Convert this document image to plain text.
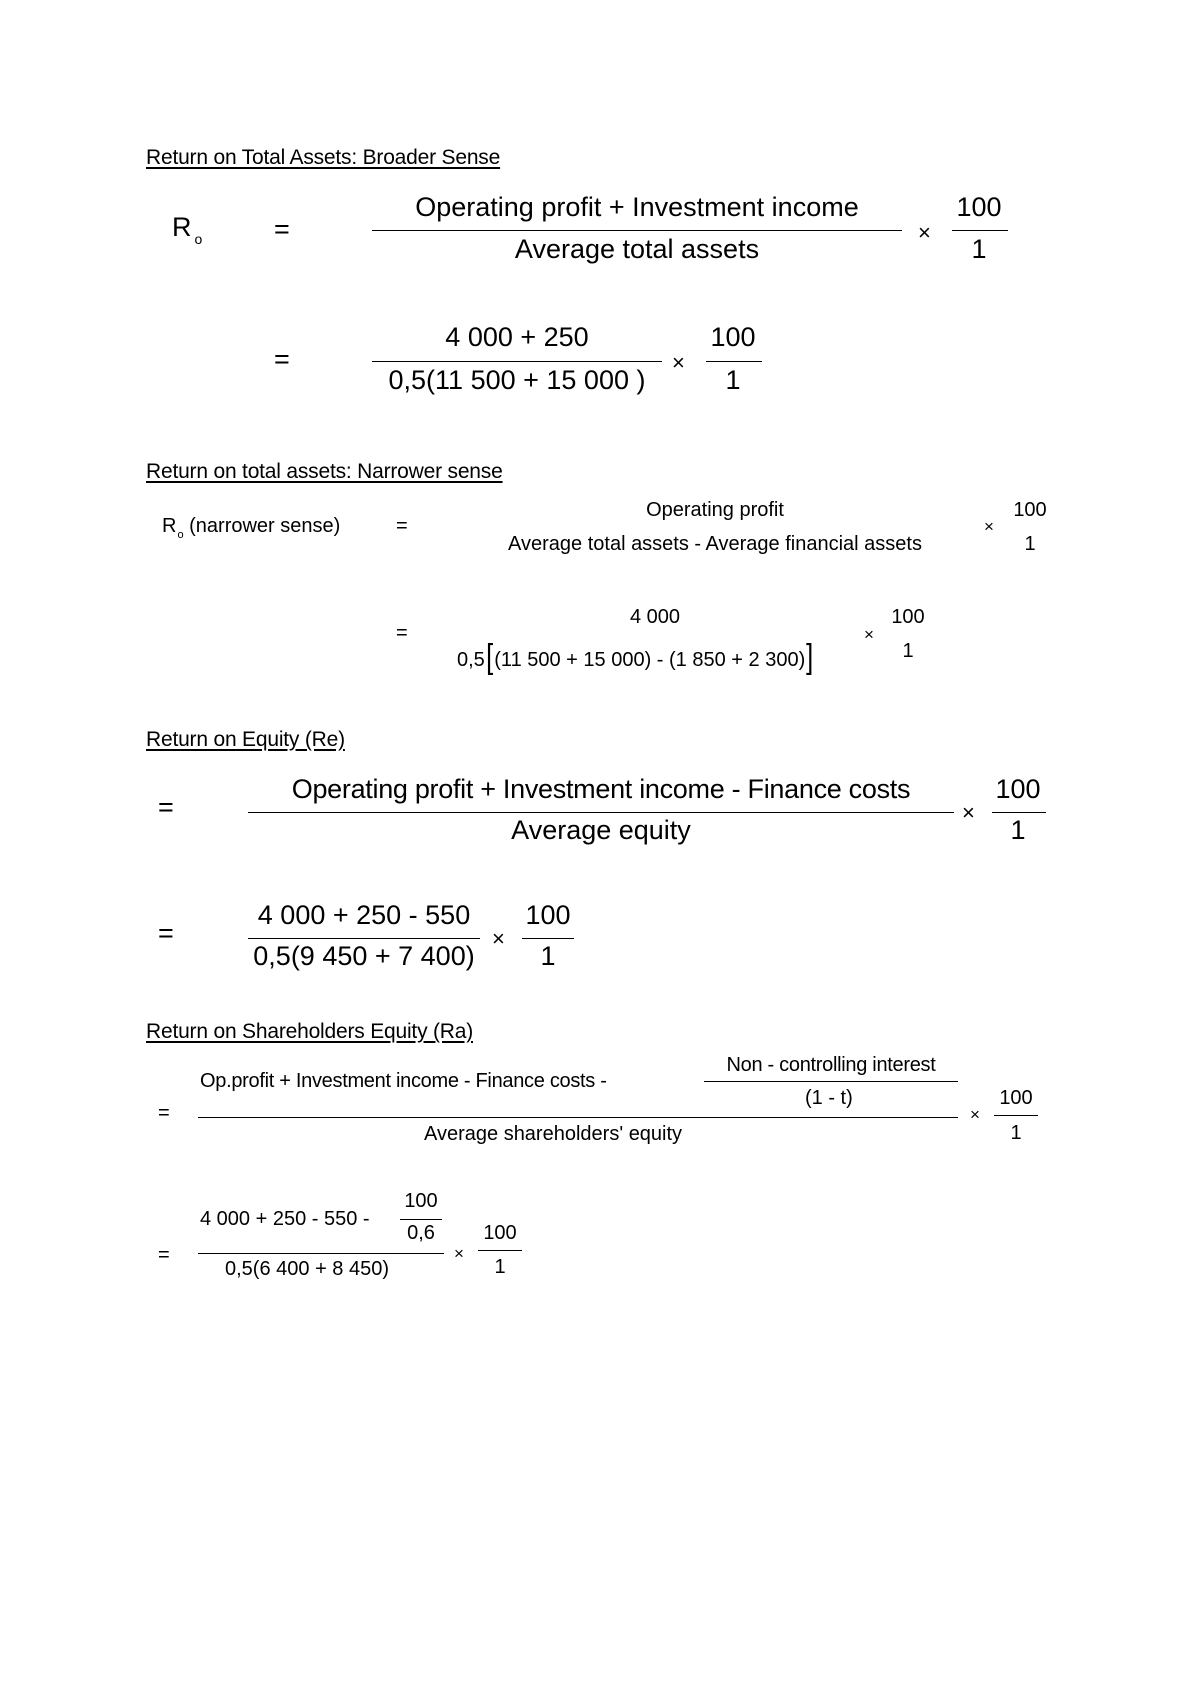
Return on Total Assets: Broader Sense
R $_o$	=
Operating profit + Investment income
Average total assets
×
100
1
=
4 000 + 250
0,5(11 500 + 15 000 )
×
100
1
Return on total assets: Narrower sense
$R_o$ (narrower sense)	=
Operating profit
Average total assets - Average financial assets
×
100
1
=
4 000
0,5[(11 500 + 15 000) - (1 850 + 2 300)]
×
100
1
Return on Equity (Re)
=
Operating profit + Investment income - Finance costs
Average equity
×
100
1
=
4 000 + 250 - 550
0,5(9 450 + 7 400)
×
100
1
Return on Shareholders Equity (Ra)
=
Op.profit + Investment income - Finance costs -
Non - controlling interest
(1 - t)
Average shareholders' equity
×
100
1
=
4 000 + 250 - 550 -
100
0,6
0,5(6 400 + 8 450)
×
100
1
